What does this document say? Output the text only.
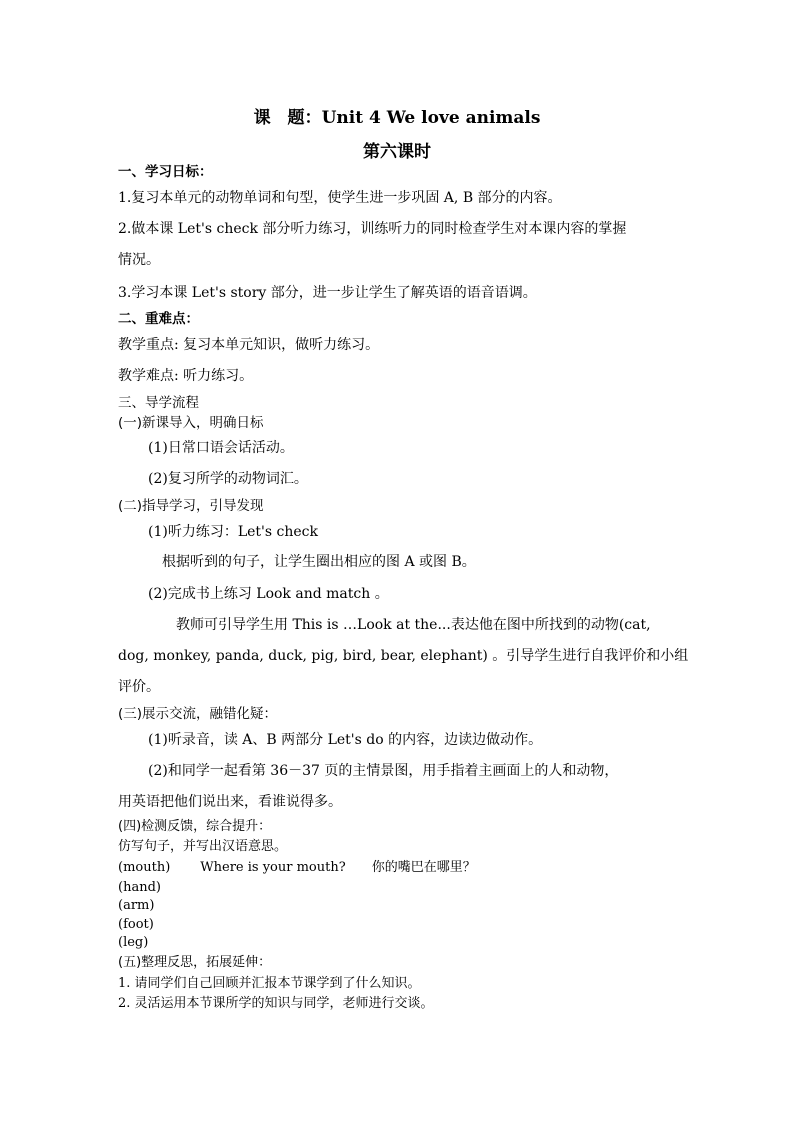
课　题：Unit 4 We love animals
第六课时
一、学习日标：
1.复习本单元的动物单词和句型，使学生进一步巩固 A, B 部分的内容。
2.做本课 Let's check 部分听力练习，训练听力的同时检查学生对本课内容的掌握
情况。
3.学习本课 Let's story 部分，进一步让学生了解英语的语音语调。
二、重难点：
教学重点: 复习本单元知识，做听力练习。
教学难点: 听力练习。
三、导学流程
(一)新课导入，明确日标
(1)日常口语会话活动。
(2)复习所学的动物词汇。
(二)指导学习，引导发现
(1)听力练习：Let's check
根据听到的句子，让学生圈出相应的图 A 或图 B。
(2)完成书上练习 Look and match 。
教师可引导学生用 This is …Look at the...表达他在图中所找到的动物(cat,
dog, monkey, panda, duck, pig, bird, bear, elephant) 。引导学生进行自我评价和小组
评价。
(三)展示交流，融错化疑：
(1)听录音，读 A、B 两部分 Let's do 的内容，边读边做动作。
(2)和同学一起看第 36－37 页的主情景图，用手指着主画面上的人和动物，
用英语把他们说出来，看谁说得多。
(四)检测反馈，综合提升：
仿写句子，并写出汉语意思。
(mouth) Where is your mouth? 你的嘴巴在哪里？
(hand)
(arm)
(foot)
(leg)
(五)整理反思，拓展延伸：
1. 请同学们自己回顾并汇报本节课学到了什么知识。
2. 灵活运用本节课所学的知识与同学，老师进行交谈。
